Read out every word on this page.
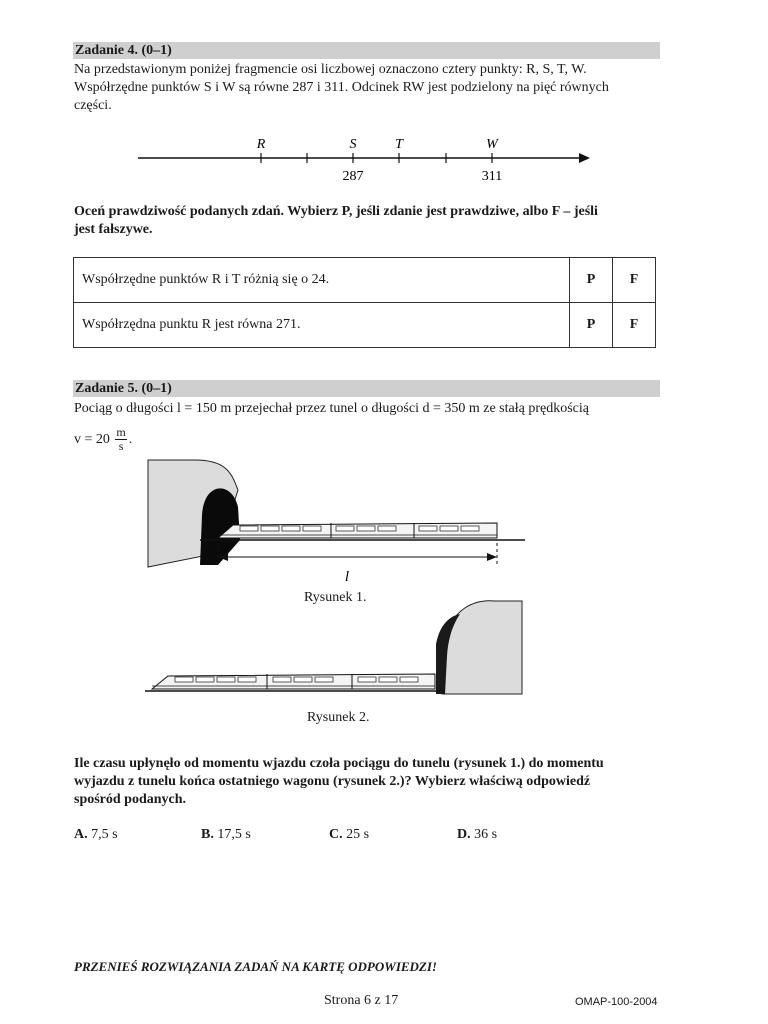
Zadanie 4. (0–1)
Na przedstawionym poniżej fragmencie osi liczbowej oznaczono cztery punkty: R, S, T, W.
Współrzędne punktów S i W są równe 287 i 311. Odcinek RW jest podzielony na pięć równych
części.
R	S	T	W
287	311
Oceń prawdziwość podanych zdań. Wybierz P, jeśli zdanie jest prawdziwe, albo F – jeśli
jest fałszywe.
Współrzędne punktów R i T różnią się o 24.	P	F
Współrzędna punktu R jest równa 271.	P	F
Zadanie 5. (0–1)
Pociąg o długości l = 150 m przejechał przez tunel o długości d = 350 m ze stałą prędkością
$v = 20 \frac{m}{s}$ .
l
Rysunek 1.
Rysunek 2.
Ile czasu upłynęło od momentu wjazdu czoła pociągu do tunelu (rysunek 1.) do momentu
wyjazdu z tunelu końca ostatniego wagonu (rysunek 2.)? Wybierz właściwą odpowiedź
spośród podanych.
A. 7,5 s	B. 17,5 s	C. 25 s	D. 36 s
PRZENIEŚ ROZWIĄZANIA ZADAŃ NA KARTĘ ODPOWIEDZI!
Strona 6 z 17	OMAP-100-2004
